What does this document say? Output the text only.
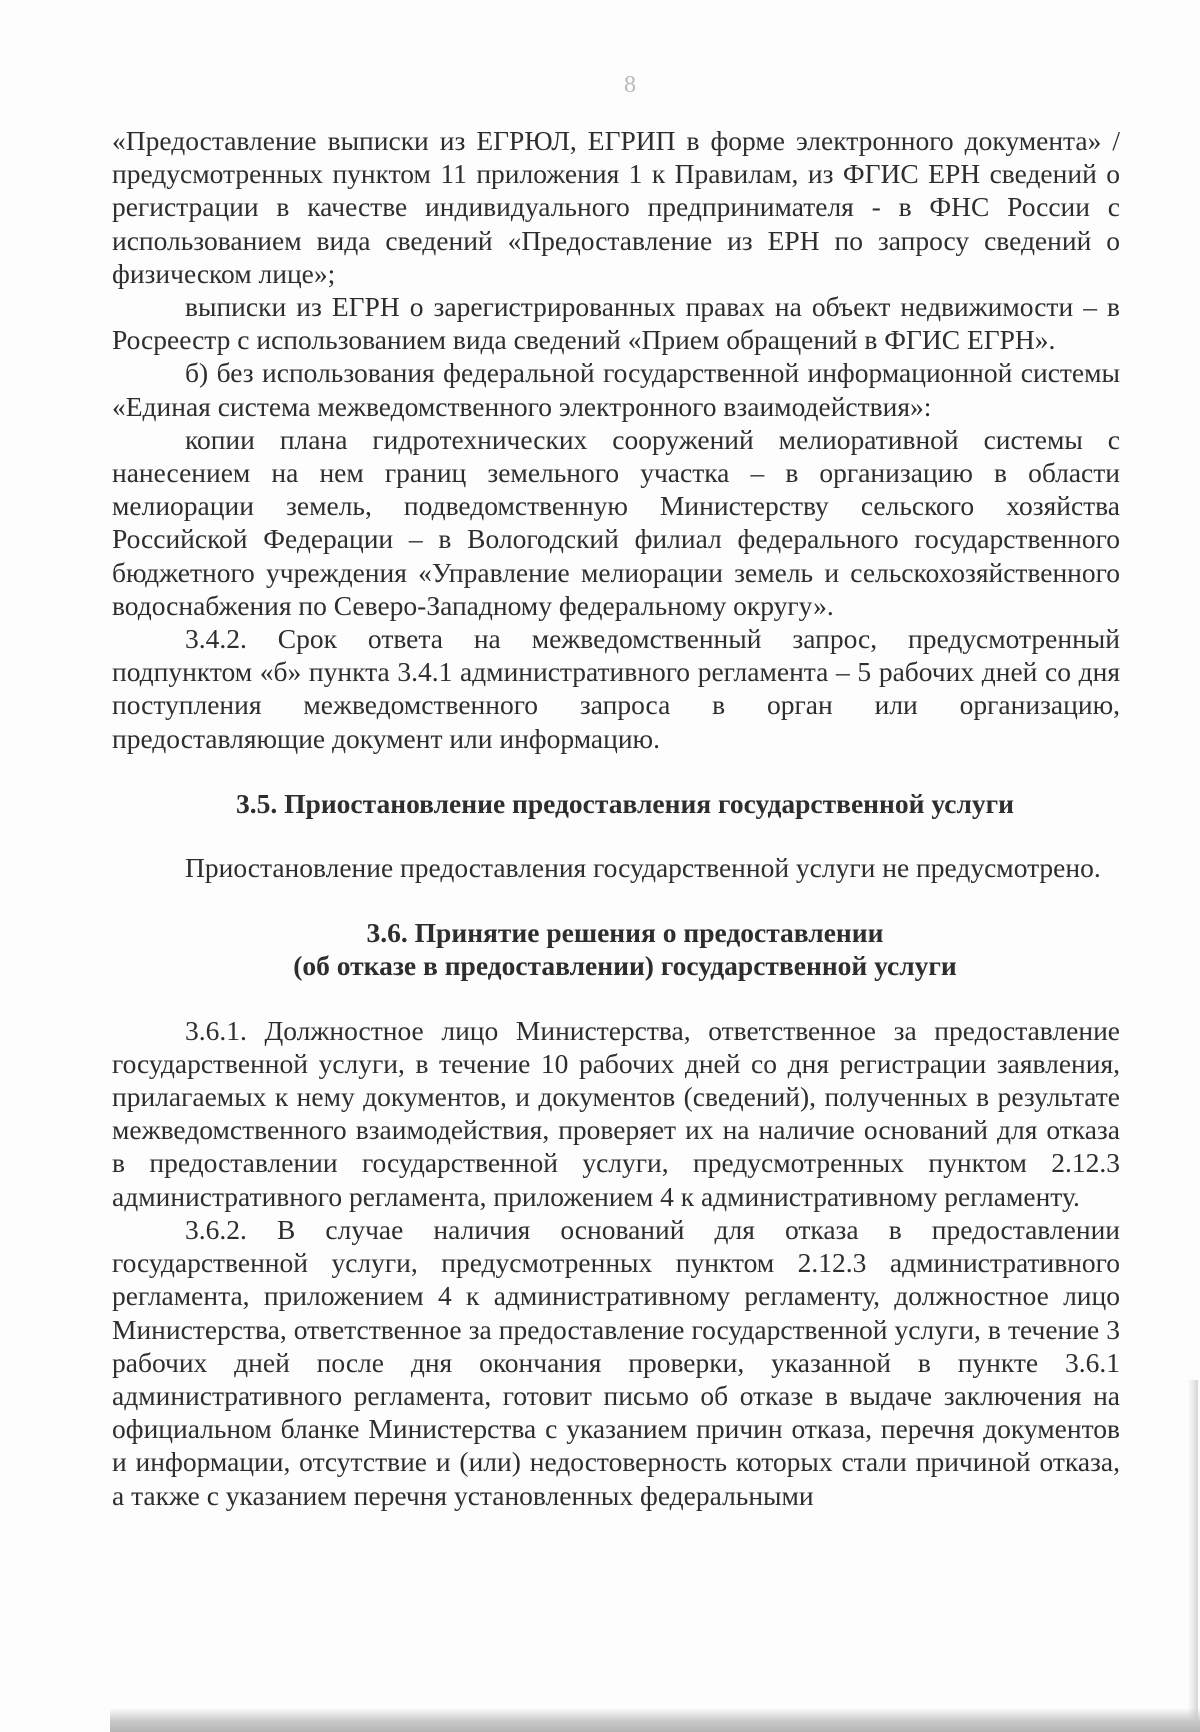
8

«Предоставление выписки из ЕГРЮЛ, ЕГРИП в форме электронного документа» / предусмотренных пунктом 11 приложения 1 к Правилам, из ФГИС ЕРН сведений о регистрации в качестве индивидуального предпринимателя - в ФНС России с использованием вида сведений «Предоставление из ЕРН по запросу сведений о физическом лице»;

выписки из ЕГРН о зарегистрированных правах на объект недвижимости – в Росреестр с использованием вида сведений «Прием обращений в ФГИС ЕГРН».

б) без использования федеральной государственной информационной системы «Единая система межведомственного электронного взаимодействия»:

копии плана гидротехнических сооружений мелиоративной системы с нанесением на нем границ земельного участка – в организацию в области мелиорации земель, подведомственную Министерству сельского хозяйства Российской Федерации – в Вологодский филиал федерального государственного бюджетного учреждения «Управление мелиорации земель и сельскохозяйственного водоснабжения по Северо-Западному федеральному округу».

3.4.2. Срок ответа на межведомственный запрос, предусмотренный подпунктом «б» пункта 3.4.1 административного регламента – 5 рабочих дней со дня поступления межведомственного запроса в орган или организацию, предоставляющие документ или информацию.

3.5. Приостановление предоставления государственной услуги

Приостановление предоставления государственной услуги не предусмотрено.

3.6. Принятие решения о предоставлении
(об отказе в предоставлении) государственной услуги

3.6.1. Должностное лицо Министерства, ответственное за предоставление государственной услуги, в течение 10 рабочих дней со дня регистрации заявления, прилагаемых к нему документов, и документов (сведений), полученных в результате межведомственного взаимодействия, проверяет их на наличие оснований для отказа в предоставлении государственной услуги, предусмотренных пунктом 2.12.3 административного регламента, приложением 4 к административному регламенту.

3.6.2. В случае наличия оснований для отказа в предоставлении государственной услуги, предусмотренных пунктом 2.12.3 административного регламента, приложением 4 к административному регламенту, должностное лицо Министерства, ответственное за предоставление государственной услуги, в течение 3 рабочих дней после дня окончания проверки, указанной в пункте 3.6.1 административного регламента, готовит письмо об отказе в выдаче заключения на официальном бланке Министерства с указанием причин отказа, перечня документов и информации, отсутствие и (или) недостоверность которых стали причиной отказа, а также с указанием перечня установленных федеральными
